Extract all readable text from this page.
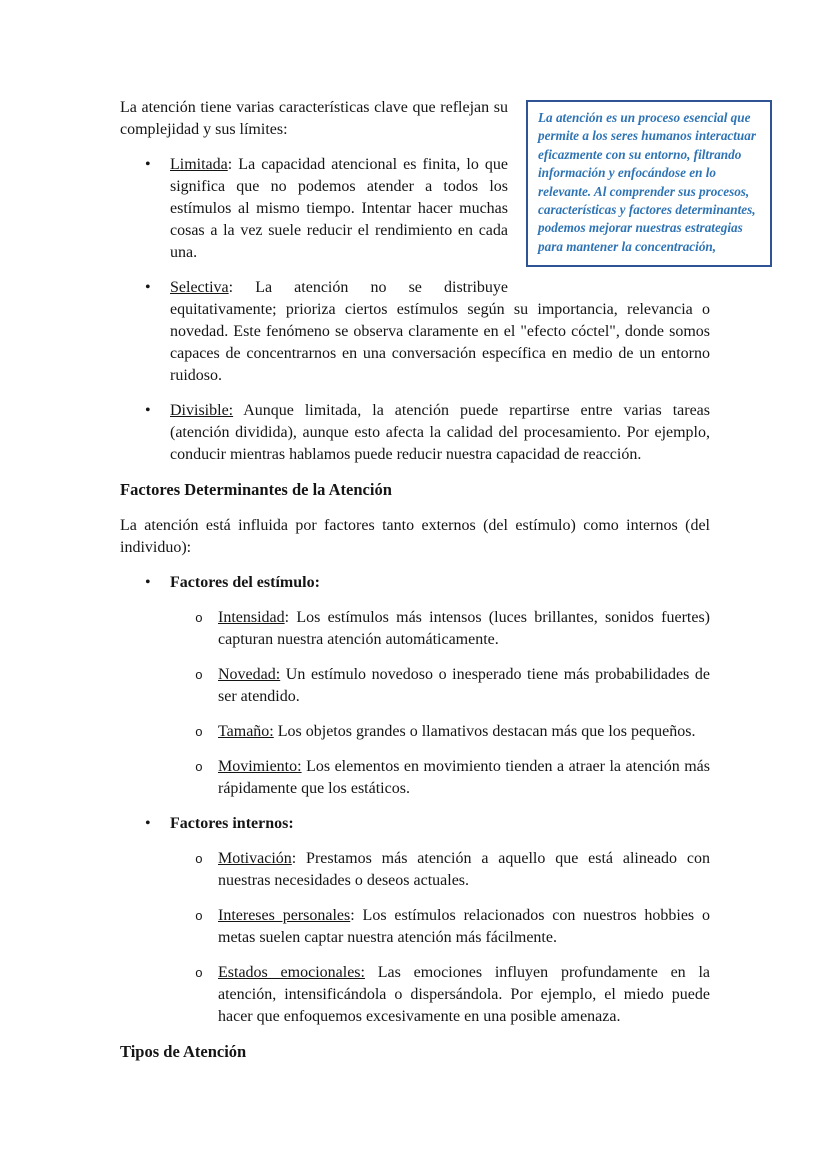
La atención es un proceso esencial que permite a los seres humanos interactuar eficazmente con su entorno, filtrando información y enfocándose en lo relevante. Al comprender sus procesos, características y factores determinantes, podemos mejorar nuestras estrategias para mantener la concentración,

La atención tiene varias características clave que reflejan su complejidad y sus límites:

• Limitada: La capacidad atencional es finita, lo que significa que no podemos atender a todos los estímulos al mismo tiempo. Intentar hacer muchas cosas a la vez suele reducir el rendimiento en cada una.
• Selectiva: La atención no se distribuye equitativamente; prioriza ciertos estímulos según su importancia, relevancia o novedad. Este fenómeno se observa claramente en el "efecto cóctel", donde somos capaces de concentrarnos en una conversación específica en medio de un entorno ruidoso.
• Divisible: Aunque limitada, la atención puede repartirse entre varias tareas (atención dividida), aunque esto afecta la calidad del procesamiento. Por ejemplo, conducir mientras hablamos puede reducir nuestra capacidad de reacción.
Factores Determinantes de la Atención

La atención está influida por factores tanto externos (del estímulo) como internos (del individuo):

• Factores del estímulo:
o Intensidad: Los estímulos más intensos (luces brillantes, sonidos fuertes) capturan nuestra atención automáticamente.
o Novedad: Un estímulo novedoso o inesperado tiene más probabilidades de ser atendido.
o Tamaño: Los objetos grandes o llamativos destacan más que los pequeños.
o Movimiento: Los elementos en movimiento tienden a atraer la atención más rápidamente que los estáticos.
• Factores internos:
o Motivación: Prestamos más atención a aquello que está alineado con nuestras necesidades o deseos actuales.
o Intereses personales: Los estímulos relacionados con nuestros hobbies o metas suelen captar nuestra atención más fácilmente.
o Estados emocionales: Las emociones influyen profundamente en la atención, intensificándola o dispersándola. Por ejemplo, el miedo puede hacer que enfoquemos excesivamente en una posible amenaza.
Tipos de Atención
